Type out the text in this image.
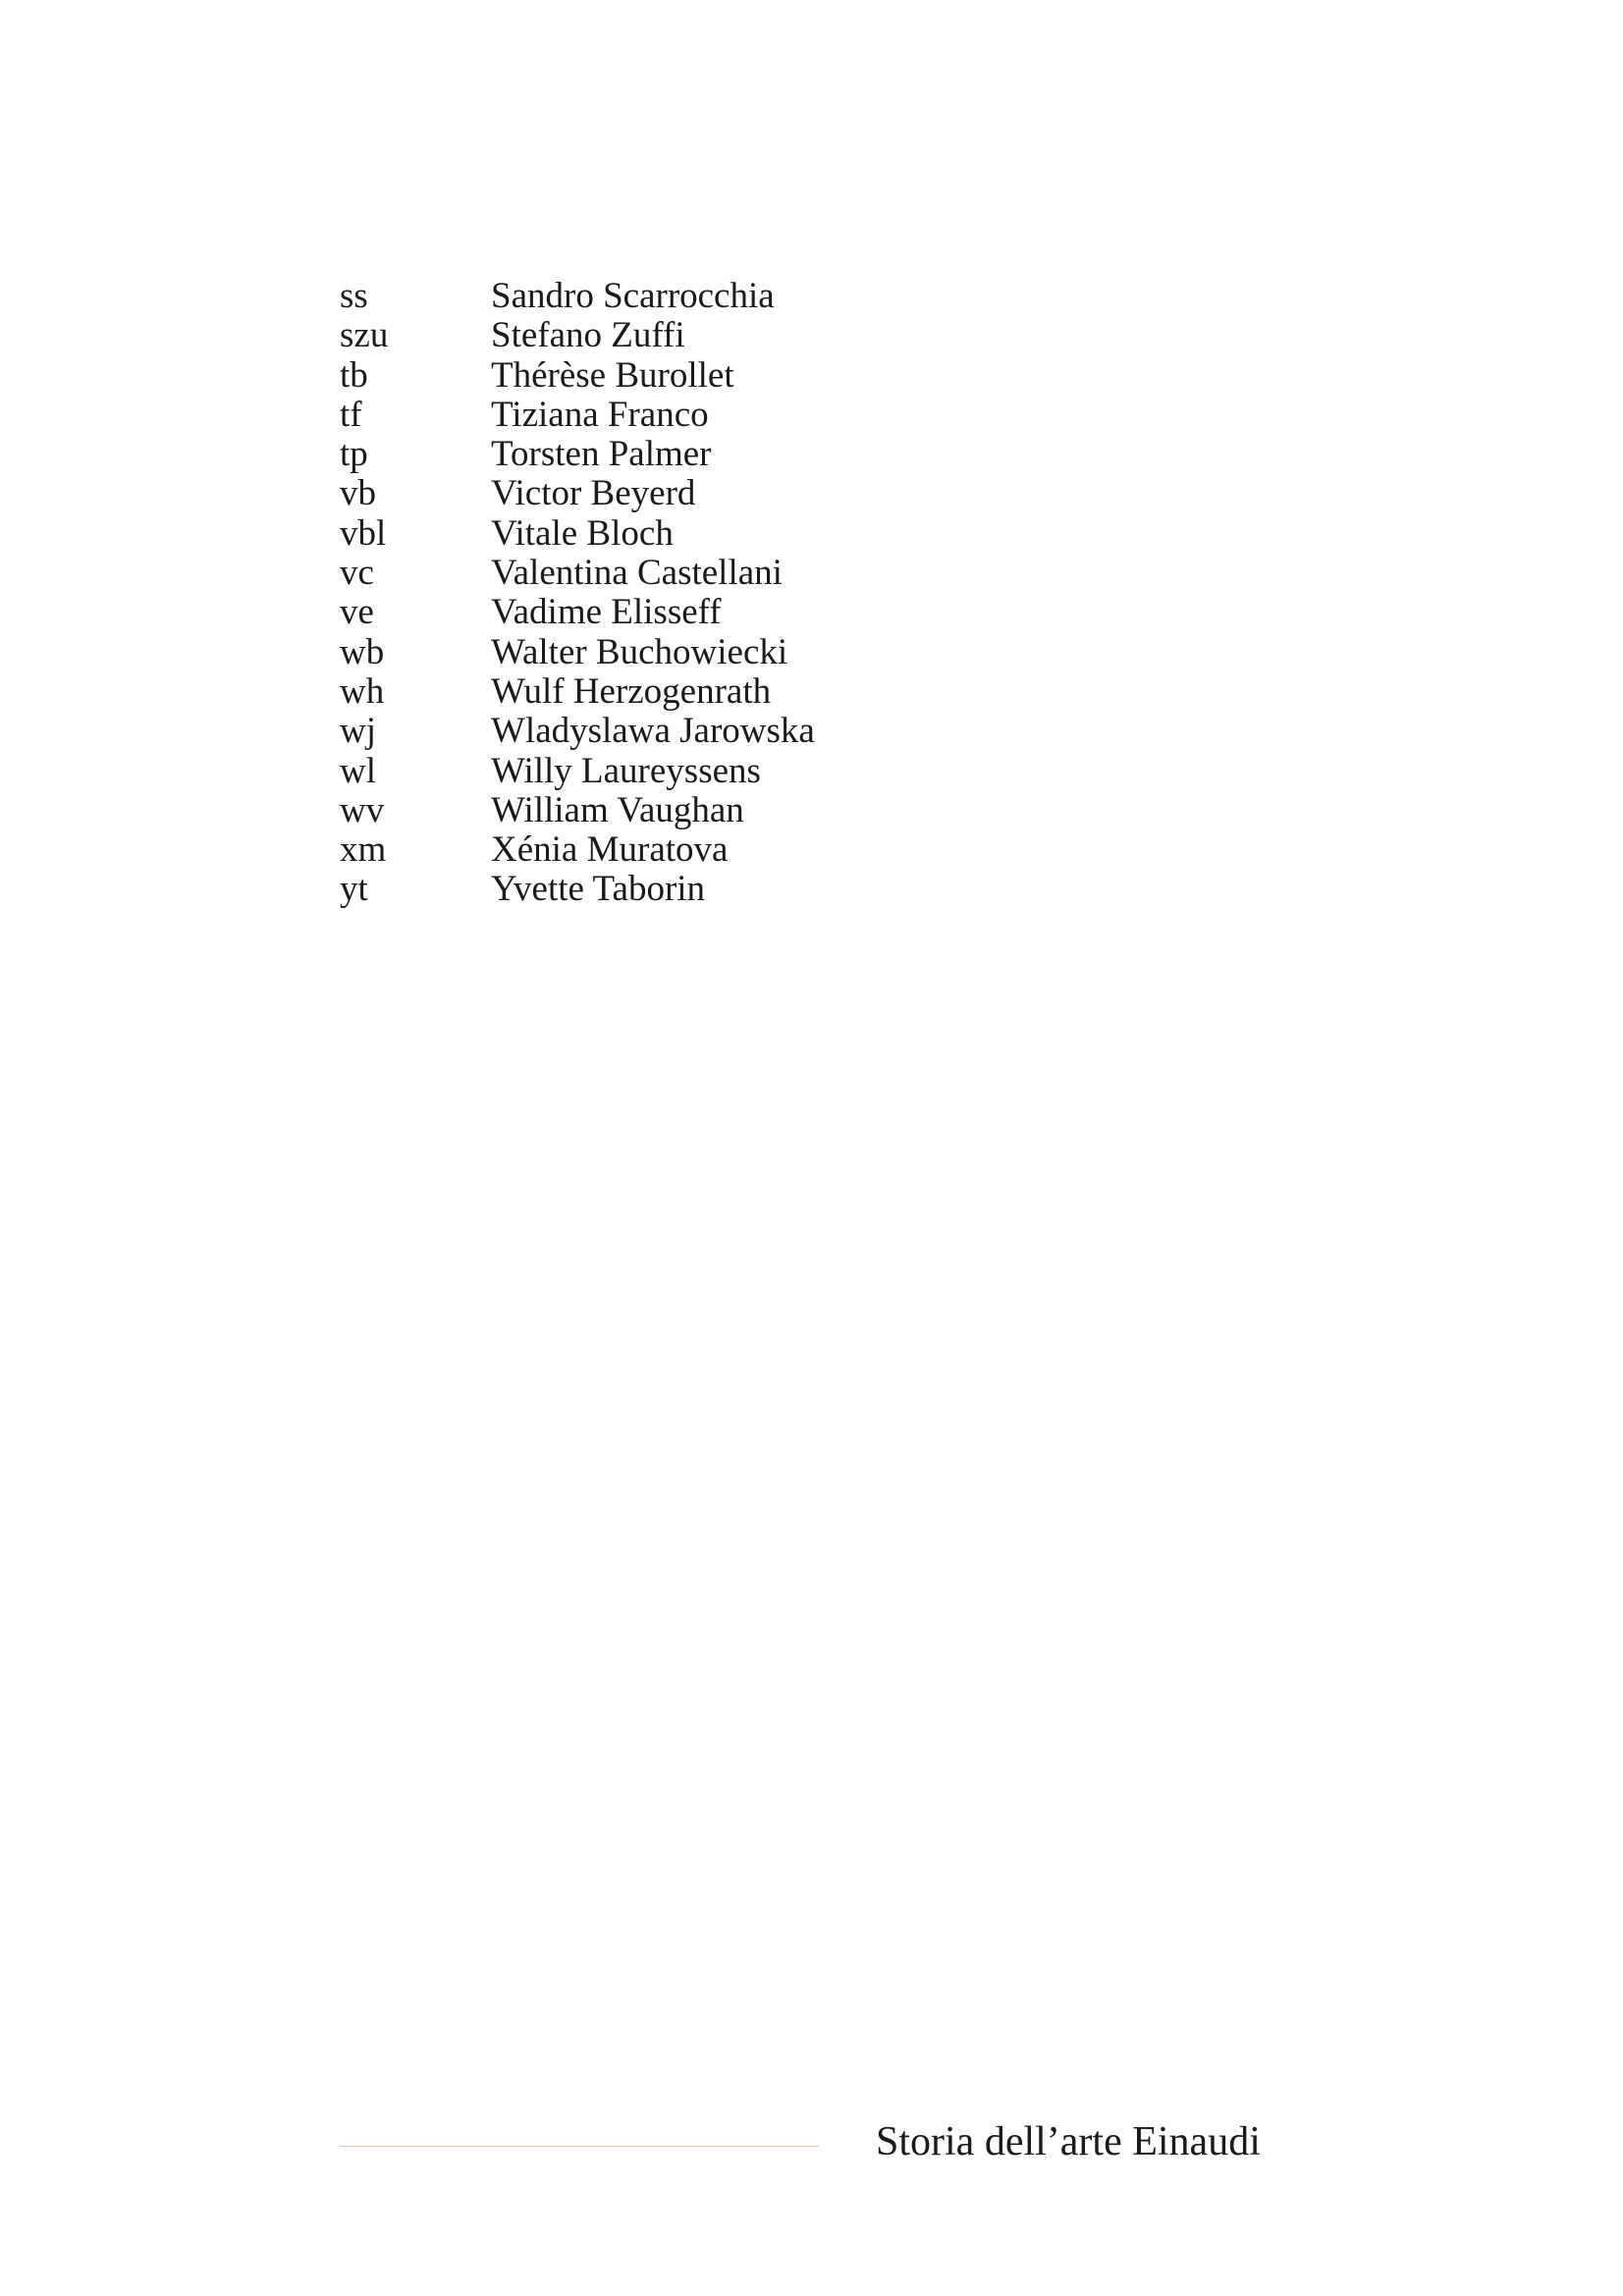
ss	Sandro Scarrocchia
szu	Stefano Zuffi
tb	Thérèse Burollet
tf	Tiziana Franco
tp	Torsten Palmer
vb	Victor Beyerd
vbl	Vitale Bloch
vc	Valentina Castellani
ve	Vadime Elisseff
wb	Walter Buchowiecki
wh	Wulf Herzogenrath
wj	Wladyslawa Jarowska
wl	Willy Laureyssens
wv	William Vaughan
xm	Xénia Muratova
yt	Yvette Taborin
Storia dell’arte Einaudi
